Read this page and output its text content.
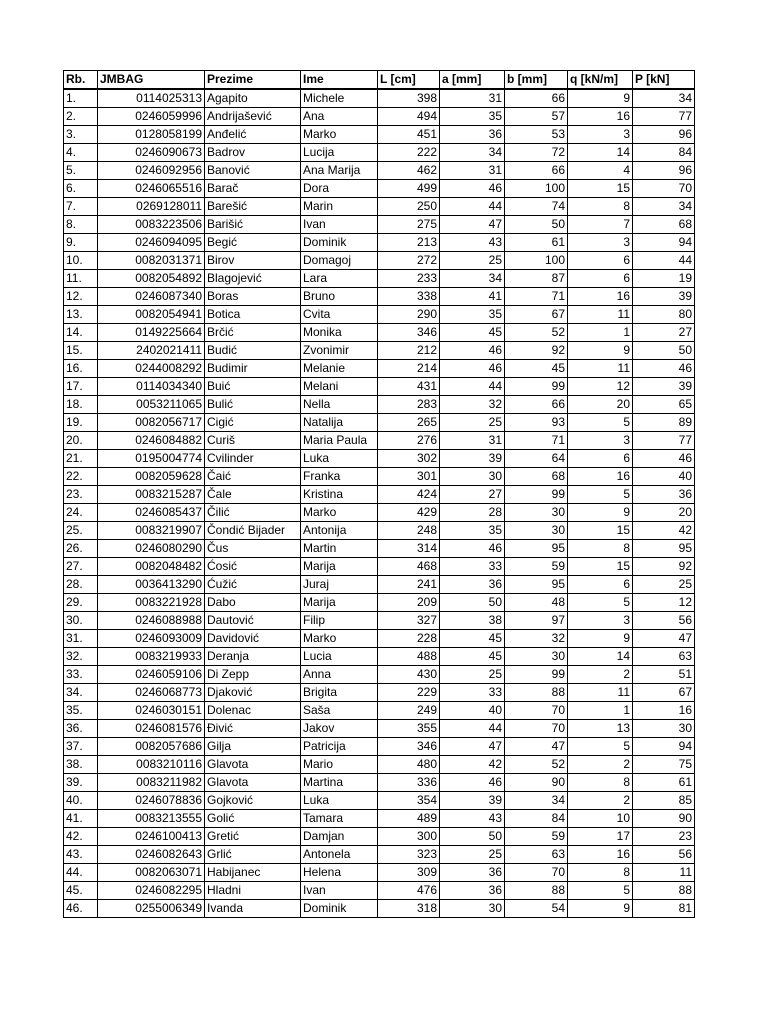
Rb.	JMBAG	Prezime	Ime	L [cm]	a [mm]	b [mm]	q [kN/m]	P [kN]
1.	0114025313	Agapito	Michele	398	31	66	9	34
2.	0246059996	Andrijašević	Ana	494	35	57	16	77
3.	0128058199	Anđelić	Marko	451	36	53	3	96
4.	0246090673	Badrov	Lucija	222	34	72	14	84
5.	0246092956	Banović	Ana Marija	462	31	66	4	96
6.	0246065516	Barač	Dora	499	46	100	15	70
7.	0269128011	Barešić	Marin	250	44	74	8	34
8.	0083223506	Barišić	Ivan	275	47	50	7	68
9.	0246094095	Begić	Dominik	213	43	61	3	94
10.	0082031371	Birov	Domagoj	272	25	100	6	44
11.	0082054892	Blagojević	Lara	233	34	87	6	19
12.	0246087340	Boras	Bruno	338	41	71	16	39
13.	0082054941	Botica	Cvita	290	35	67	11	80
14.	0149225664	Brčić	Monika	346	45	52	1	27
15.	2402021411	Budić	Zvonimir	212	46	92	9	50
16.	0244008292	Budimir	Melanie	214	46	45	11	46
17.	0114034340	Buić	Melani	431	44	99	12	39
18.	0053211065	Bulić	Nella	283	32	66	20	65
19.	0082056717	Cigić	Natalija	265	25	93	5	89
20.	0246084882	Curiš	Maria Paula	276	31	71	3	77
21.	0195004774	Cvilinder	Luka	302	39	64	6	46
22.	0082059628	Čaić	Franka	301	30	68	16	40
23.	0083215287	Čale	Kristina	424	27	99	5	36
24.	0246085437	Čilić	Marko	429	28	30	9	20
25.	0083219907	Čondić Bijader	Antonija	248	35	30	15	42
26.	0246080290	Čus	Martin	314	46	95	8	95
27.	0082048482	Ćosić	Marija	468	33	59	15	92
28.	0036413290	Ćužić	Juraj	241	36	95	6	25
29.	0083221928	Dabo	Marija	209	50	48	5	12
30.	0246088988	Dautović	Filip	327	38	97	3	56
31.	0246093009	Davidović	Marko	228	45	32	9	47
32.	0083219933	Deranja	Lucia	488	45	30	14	63
33.	0246059106	Di Zepp	Anna	430	25	99	2	51
34.	0246068773	Djaković	Brigita	229	33	88	11	67
35.	0246030151	Dolenac	Saša	249	40	70	1	16
36.	0246081576	Đivić	Jakov	355	44	70	13	30
37.	0082057686	Gilja	Patricija	346	47	47	5	94
38.	0083210116	Glavota	Mario	480	42	52	2	75
39.	0083211982	Glavota	Martina	336	46	90	8	61
40.	0246078836	Gojković	Luka	354	39	34	2	85
41.	0083213555	Golić	Tamara	489	43	84	10	90
42.	0246100413	Gretić	Damjan	300	50	59	17	23
43.	0246082643	Grlić	Antonela	323	25	63	16	56
44.	0082063071	Habijanec	Helena	309	36	70	8	11
45.	0246082295	Hladni	Ivan	476	36	88	5	88
46.	0255006349	Ivanda	Dominik	318	30	54	9	81
